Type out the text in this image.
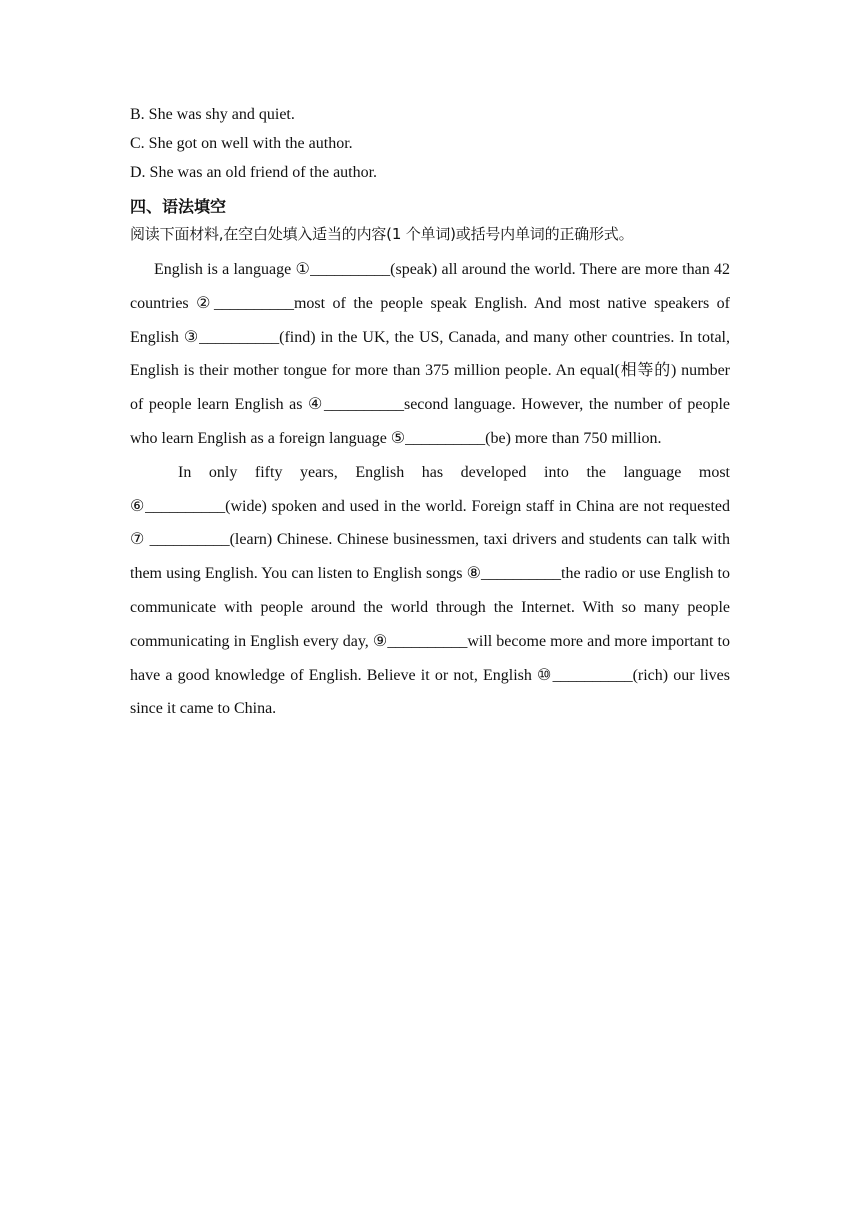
B. She was shy and quiet.

C. She got on well with the author.

D. She was an old friend of the author.

四、语法填空
阅读下面材料,在空白处填入适当的内容(1 个单词)或括号内单词的正确形式。

English is a language ①__________(speak) all around the world. There are more than 42 countries ②__________most of the people speak English. And most native speakers of English ③__________(find) in the UK, the US, Canada, and many other countries. In total, English is their mother tongue for more than 375 million people. An equal(相等的) number of people learn English as ④__________second language. However, the number of people who learn English as a foreign language ⑤__________(be) more than 750 million.

In only fifty years, English has developed into the language most ⑥__________(wide) spoken and used in the world. Foreign staff in China are not requested ⑦ __________(learn) Chinese. Chinese businessmen, taxi drivers and students can talk with them using English. You can listen to English songs ⑧__________the radio or use English to communicate with people around the world through the Internet. With so many people communicating in English every day, ⑨__________will become more and more important to have a good knowledge of English. Believe it or not, English ⑩__________(rich) our lives since it came to China.
